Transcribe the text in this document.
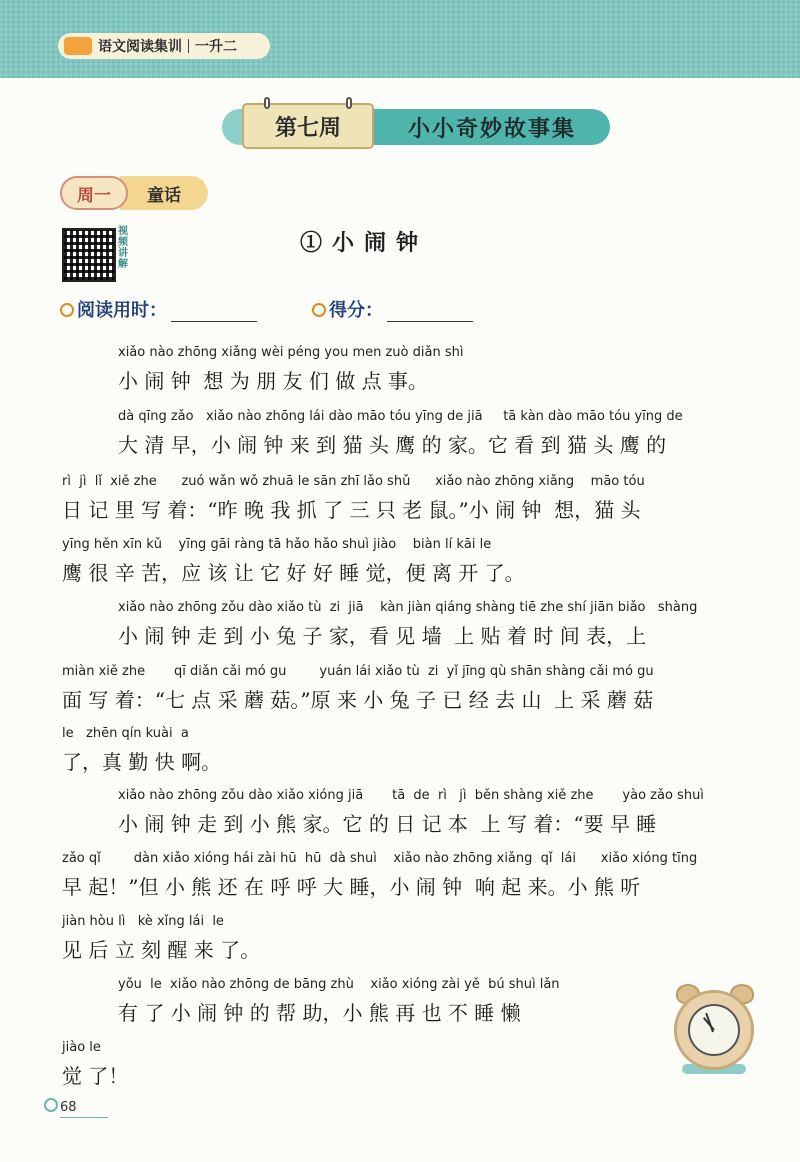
语文阅读集训 一升二
小小奇妙故事集
第七周
童话
周一
视频讲解
①小闹钟
阅读用时：	得分：
xiǎo nào zhōng xiǎng wèi péng you men zuò diǎn shì
小 闹 钟  想 为 朋 友 们 做 点 事。
dà qīng zǎo   xiǎo nào zhōng lái dào māo tóu yīng de jiā     tā kàn dào māo tóu yīng de
大 清 早，小 闹 钟 来 到 猫 头 鹰 的 家。它 看 到 猫 头 鹰 的
rì  jì  lǐ  xiě zhe      zuó wǎn wǒ zhuā le sān zhī lǎo shǔ      xiǎo nào zhōng xiǎng    māo tóu
日 记 里 写 着：“昨 晚 我 抓 了 三 只 老 鼠。”小 闹 钟  想，猫 头
yīng hěn xīn kǔ    yīng gāi ràng tā hǎo hǎo shuì jiào    biàn lí kāi le
鹰 很 辛 苦，应 该 让 它 好 好 睡 觉，便 离 开 了。
xiǎo nào zhōng zǒu dào xiǎo tù  zi  jiā    kàn jiàn qiáng shàng tiē zhe shí jiān biǎo   shàng
小 闹 钟 走 到 小 兔 子 家，看 见 墙  上 贴 着 时 间 表，上
miàn xiě zhe       qī diǎn cǎi mó gu        yuán lái xiǎo tù  zi  yǐ jīng qù shān shàng cǎi mó gu
面 写 着：“七 点 采 蘑 菇。”原 来 小 兔 子 已 经 去 山  上 采 蘑 菇
le   zhēn qín kuài  a
了，真 勤 快 啊。
xiǎo nào zhōng zǒu dào xiǎo xióng jiā       tā  de  rì   jì  běn shàng xiě zhe       yào zǎo shuì
小 闹 钟 走 到 小 熊 家。它 的 日 记 本  上 写 着：“要 早 睡
zǎo qǐ        dàn xiǎo xióng hái zài hū  hū  dà shuì    xiǎo nào zhōng xiǎng  qǐ  lái      xiǎo xióng tīng
早 起！”但 小 熊 还 在 呼 呼 大 睡，小 闹 钟  响 起 来。小 熊 听
jiàn hòu lì   kè xǐng lái  le
见 后 立 刻 醒 来 了。
yǒu  le  xiǎo nào zhōng de bāng zhù    xiǎo xióng zài yě  bú shuì lǎn
有 了 小 闹 钟 的 帮 助，小 熊 再 也 不 睡 懒
jiào le
觉 了！
68
